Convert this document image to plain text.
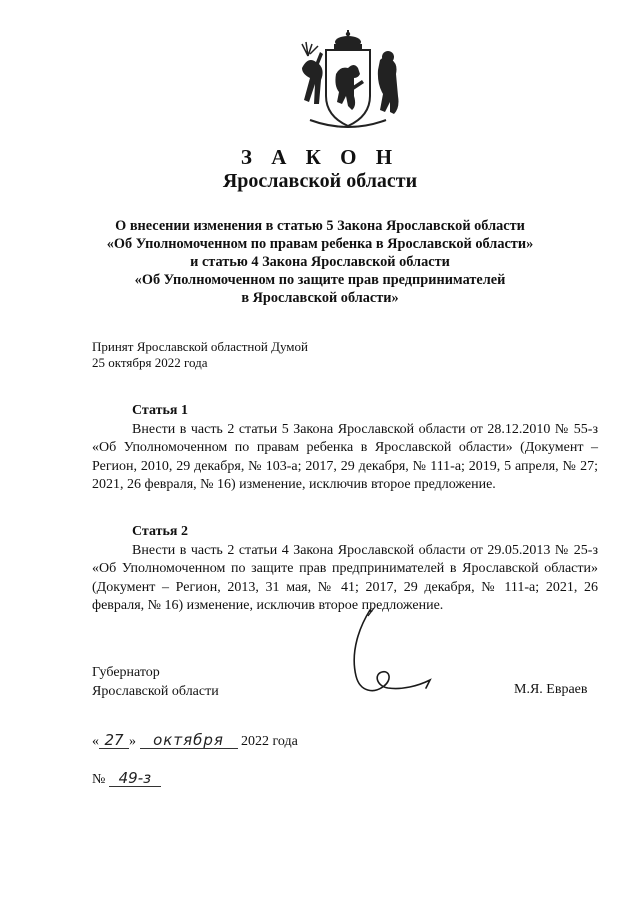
З А К О Н
Ярославской области
О внесении изменения в статью 5 Закона Ярославской области
«Об Уполномоченном по правам ребенка в Ярославской области»
и статью 4 Закона Ярославской области
«Об Уполномоченном по защите прав предпринимателей
в Ярославской области»
Принят Ярославской областной Думой
25 октября 2022 года
Статья 1

Внести в часть 2 статьи 5 Закона Ярославской области от 28.12.2010 № 55-з «Об Уполномоченном по правам ребенка в Ярославской области» (Документ – Регион, 2010, 29 декабря, № 103-а; 2017, 29 декабря, № 111-а; 2019, 5 апреля, № 27; 2021, 26 февраля, № 16) изменение, исключив второе предложение.

Статья 2

Внести в часть 2 статьи 4 Закона Ярославской области от 29.05.2013 № 25-з «Об Уполномоченном по защите прав предпринимателей в Ярославской области» (Документ – Регион, 2013, 31 мая, № 41; 2017, 29 декабря, № 111-а; 2021, 26 февраля, № 16) изменение, исключив второе предложение.

Губернатор
Ярославской области	М.Я. Евраев
« 27 » октября 2022 года
№ 49-з
